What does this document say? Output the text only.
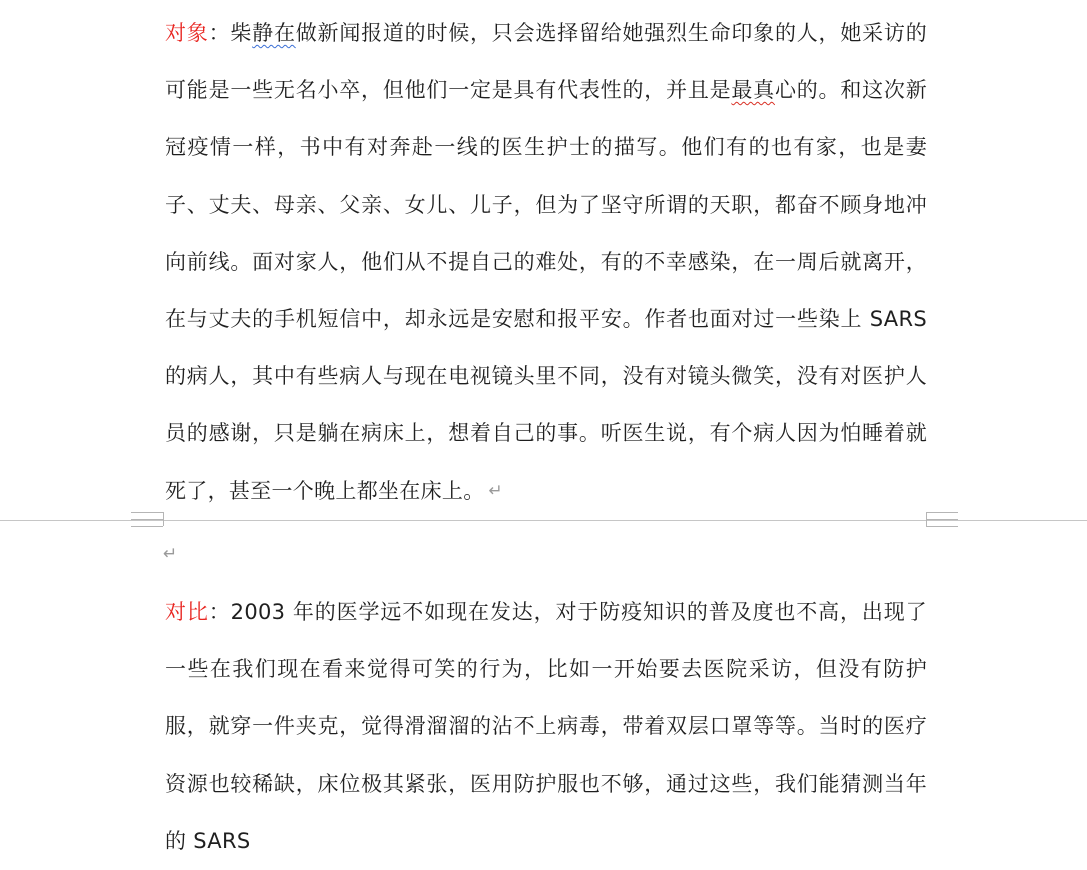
对象：柴静在做新闻报道的时候，只会选择留给她强烈生命印象的人，她采访的可能是一些无名小卒，但他们一定是具有代表性的，并且是最真心的。和这次新冠疫情一样，书中有对奔赴一线的医生护士的描写。他们有的也有家，也是妻子、丈夫、母亲、父亲、女儿、儿子，但为了坚守所谓的天职，都奋不顾身地冲向前线。面对家人，他们从不提自己的难处，有的不幸感染，在一周后就离开，在与丈夫的手机短信中，却永远是安慰和报平安。作者也面对过一些染上 SARS 的病人，其中有些病人与现在电视镜头里不同，没有对镜头微笑，没有对医护人员的感谢，只是躺在病床上，想着自己的事。听医生说，有个病人因为怕睡着就死了，甚至一个晚上都坐在床上。 ↵
↵
对比：2003 年的医学远不如现在发达，对于防疫知识的普及度也不高，出现了一些在我们现在看来觉得可笑的行为，比如一开始要去医院采访，但没有防护服，就穿一件夹克，觉得滑溜溜的沾不上病毒，带着双层口罩等等。当时的医疗资源也较稀缺，床位极其紧张，医用防护服也不够，通过这些，我们能猜测当年的 SARS
